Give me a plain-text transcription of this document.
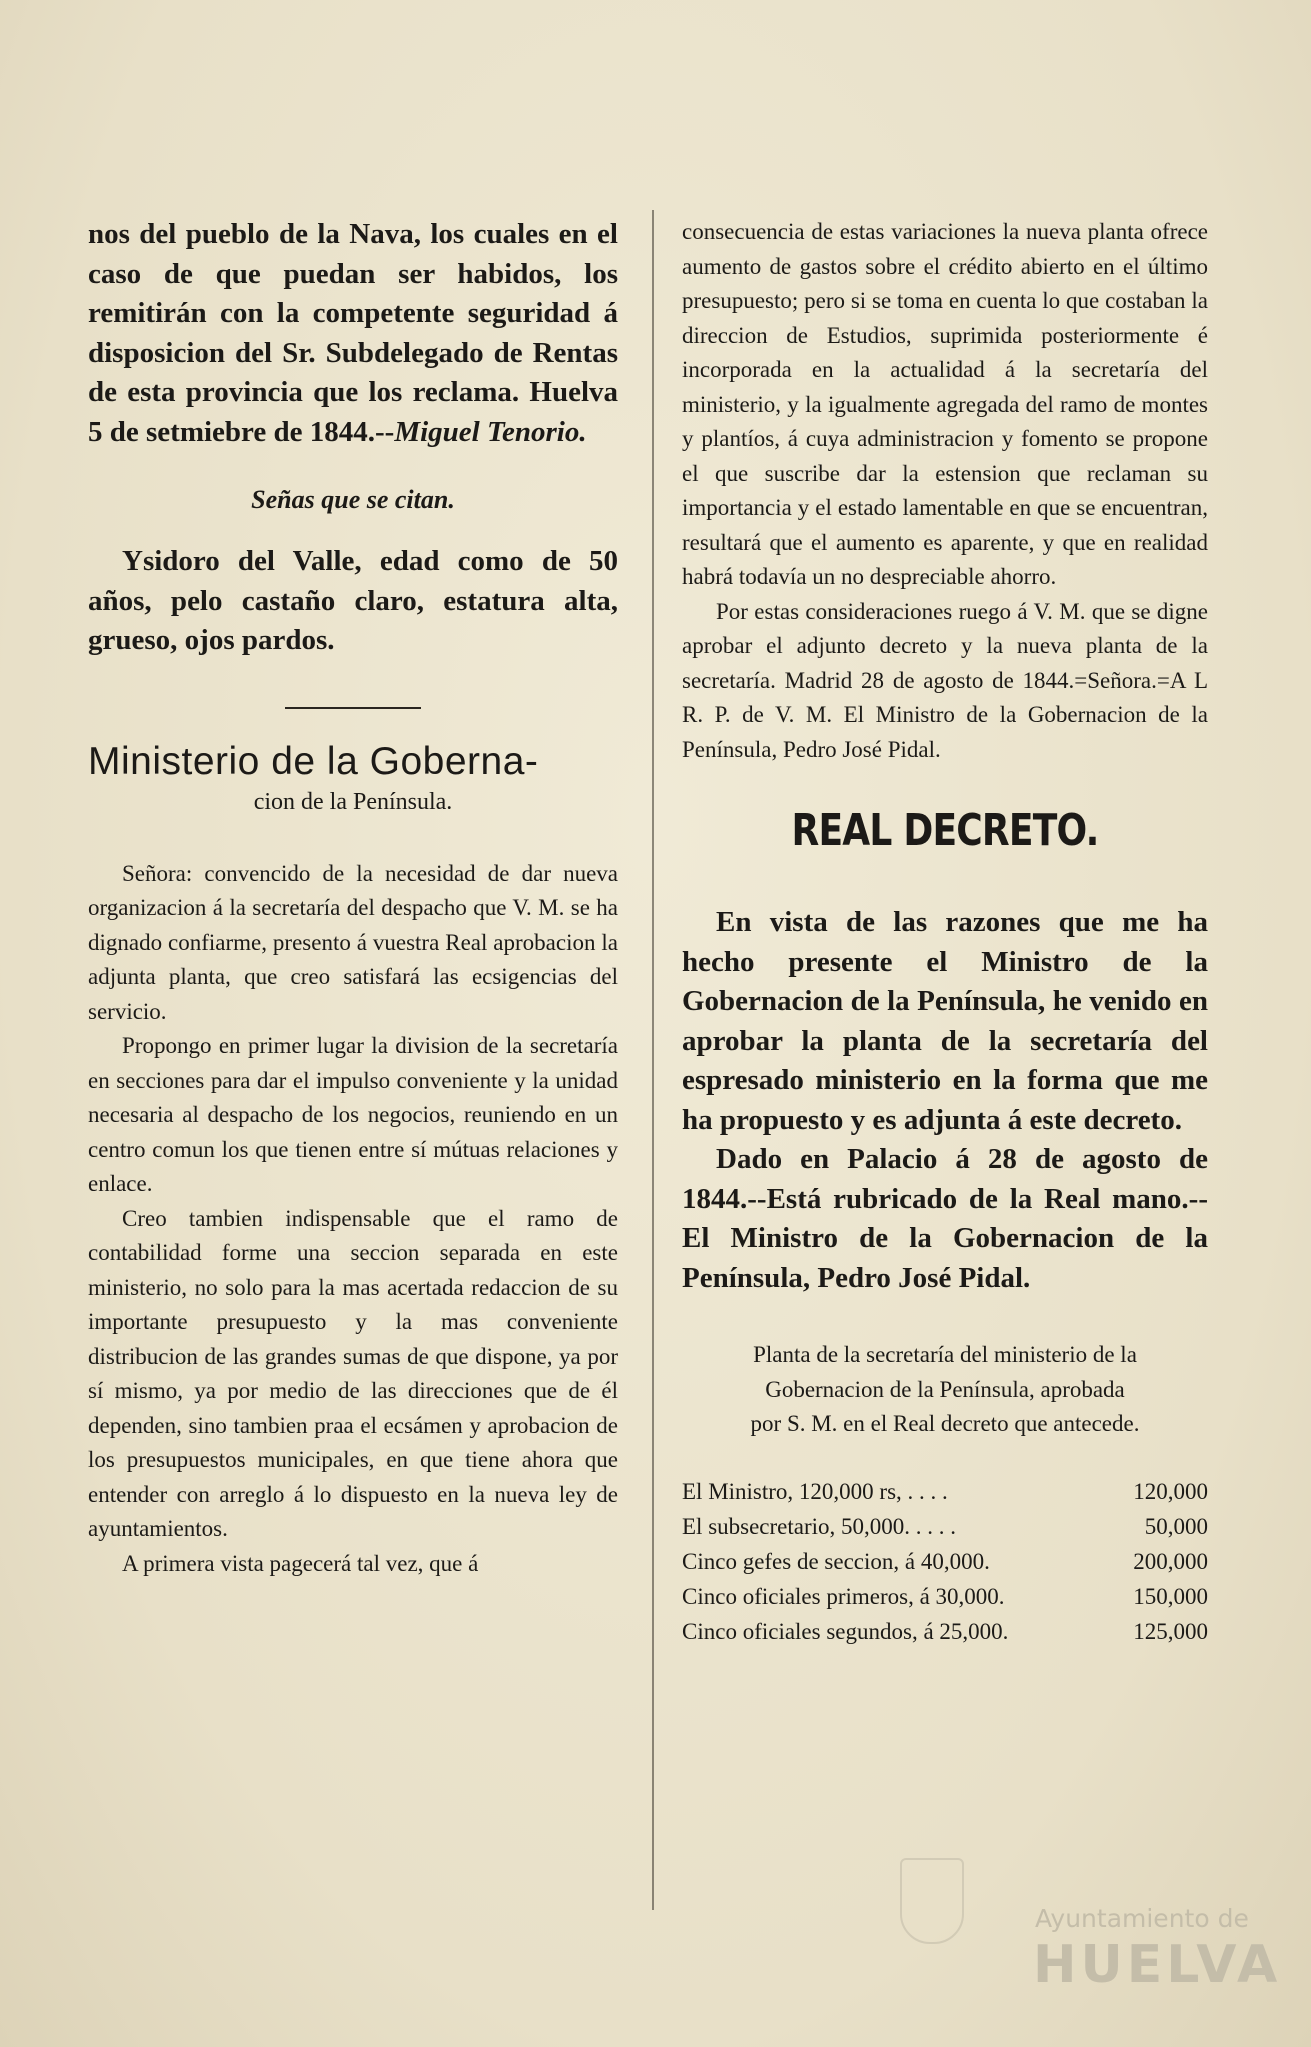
nos del pueblo de la Nava, los cuales en el caso de que puedan ser habidos, los remitirán con la competente seguridad á disposicion del Sr. Subdelegado de Rentas de esta provincia que los reclama. Huelva 5 de setmiebre de 1844.--Miguel Tenorio.

Señas que se citan.

Ysidoro del Valle, edad como de 50 años, pelo castaño claro, estatura alta, grueso, ojos pardos.

Ministerio de la Goberna-
cion de la Península.

Señora: convencido de la necesidad de dar nueva organizacion á la secretaría del despacho que V. M. se ha dignado confiarme, presento á vuestra Real aprobacion la adjunta planta, que creo satisfará las ecsigencias del servicio.

Propongo en primer lugar la division de la secretaría en secciones para dar el impulso conveniente y la unidad necesaria al despacho de los negocios, reuniendo en un centro comun los que tienen entre sí mútuas relaciones y enlace.

Creo tambien indispensable que el ramo de contabilidad forme una seccion separada en este ministerio, no solo para la mas acertada redaccion de su importante presupuesto y la mas conveniente distribucion de las grandes sumas de que dispone, ya por sí mismo, ya por medio de las direcciones que de él dependen, sino tambien praa el ecsámen y aprobacion de los presupuestos municipales, en que tiene ahora que entender con arreglo á lo dispuesto en la nueva ley de ayuntamientos.

A primera vista pagecerá tal vez, que á

consecuencia de estas variaciones la nueva planta ofrece aumento de gastos sobre el crédito abierto en el último presupuesto; pero si se toma en cuenta lo que costaban la direccion de Estudios, suprimida posteriormente é incorporada en la actualidad á la secretaría del ministerio, y la igualmente agregada del ramo de montes y plantíos, á cuya administracion y fomento se propone el que suscribe dar la estension que reclaman su importancia y el estado lamentable en que se encuentran, resultará que el aumento es aparente, y que en realidad habrá todavía un no despreciable ahorro.

Por estas consideraciones ruego á V. M. que se digne aprobar el adjunto decreto y la nueva planta de la secretaría. Madrid 28 de agosto de 1844.=Señora.=A L R. P. de V. M. El Ministro de la Gobernacion de la Península, Pedro José Pidal.

REAL DECRETO.

En vista de las razones que me ha hecho presente el Ministro de la Gobernacion de la Península, he venido en aprobar la planta de la secretaría del espresado ministerio en la forma que me ha propuesto y es adjunta á este decreto.

Dado en Palacio á 28 de agosto de 1844.--Está rubricado de la Real mano.--El Ministro de la Gobernacion de la Península, Pedro José Pidal.

Planta de la secretaría del ministerio de la
Gobernacion de la Península, aprobada
por S. M. en el Real decreto que antecede.
El Ministro, 120,000 rs, . . . .	120,000
El subsecretario, 50,000. . . . .	50,000
Cinco gefes de seccion, á 40,000.	200,000
Cinco oficiales primeros, á 30,000.	150,000
Cinco oficiales segundos, á 25,000.	125,000
Ayuntamiento de
HUELVA
